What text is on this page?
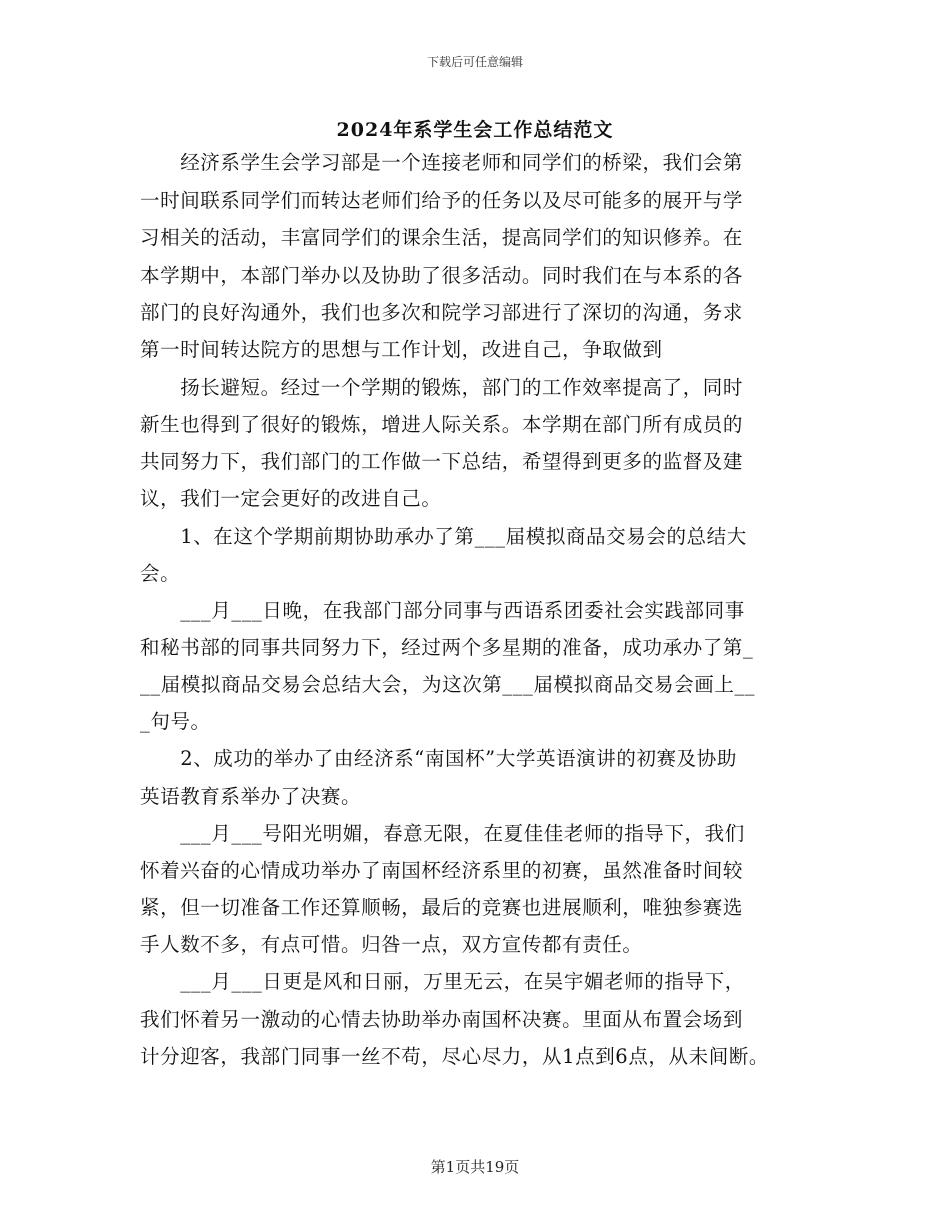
下载后可任意编辑
2024年系学生会工作总结范文
　　经济系学生会学习部是一个连接老师和同学们的桥梁，我们会第
一时间联系同学们而转达老师们给予的任务以及尽可能多的展开与学
习相关的活动，丰富同学们的课余生活，提高同学们的知识修养。在
本学期中，本部门举办以及协助了很多活动。同时我们在与本系的各
部门的良好沟通外，我们也多次和院学习部进行了深切的沟通，务求
第一时间转达院方的思想与工作计划，改进自己，争取做到
　　扬长避短。经过一个学期的锻炼，部门的工作效率提高了，同时
新生也得到了很好的锻炼，增进人际关系。本学期在部门所有成员的
共同努力下，我们部门的工作做一下总结，希望得到更多的监督及建
议，我们一定会更好的改进自己。
　　1、在这个学期前期协助承办了第___届模拟商品交易会的总结大
会。
　　___月___日晚，在我部门部分同事与西语系团委社会实践部同事
和秘书部的同事共同努力下，经过两个多星期的准备，成功承办了第_
__届模拟商品交易会总结大会，为这次第___届模拟商品交易会画上__
_句号。
　　2、成功的举办了由经济系“南国杯”大学英语演讲的初赛及协助
英语教育系举办了决赛。
　　___月___号阳光明媚，春意无限，在夏佳佳老师的指导下，我们
怀着兴奋的心情成功举办了南国杯经济系里的初赛，虽然准备时间较
紧，但一切准备工作还算顺畅，最后的竞赛也进展顺利，唯独参赛选
手人数不多，有点可惜。归咎一点，双方宣传都有责任。
　　___月___日更是风和日丽，万里无云，在吴宇媚老师的指导下，
我们怀着另一激动的心情去协助举办南国杯决赛。里面从布置会场到
计分迎客，我部门同事一丝不苟，尽心尽力，从1点到6点，从未间断。
第1页共19页
